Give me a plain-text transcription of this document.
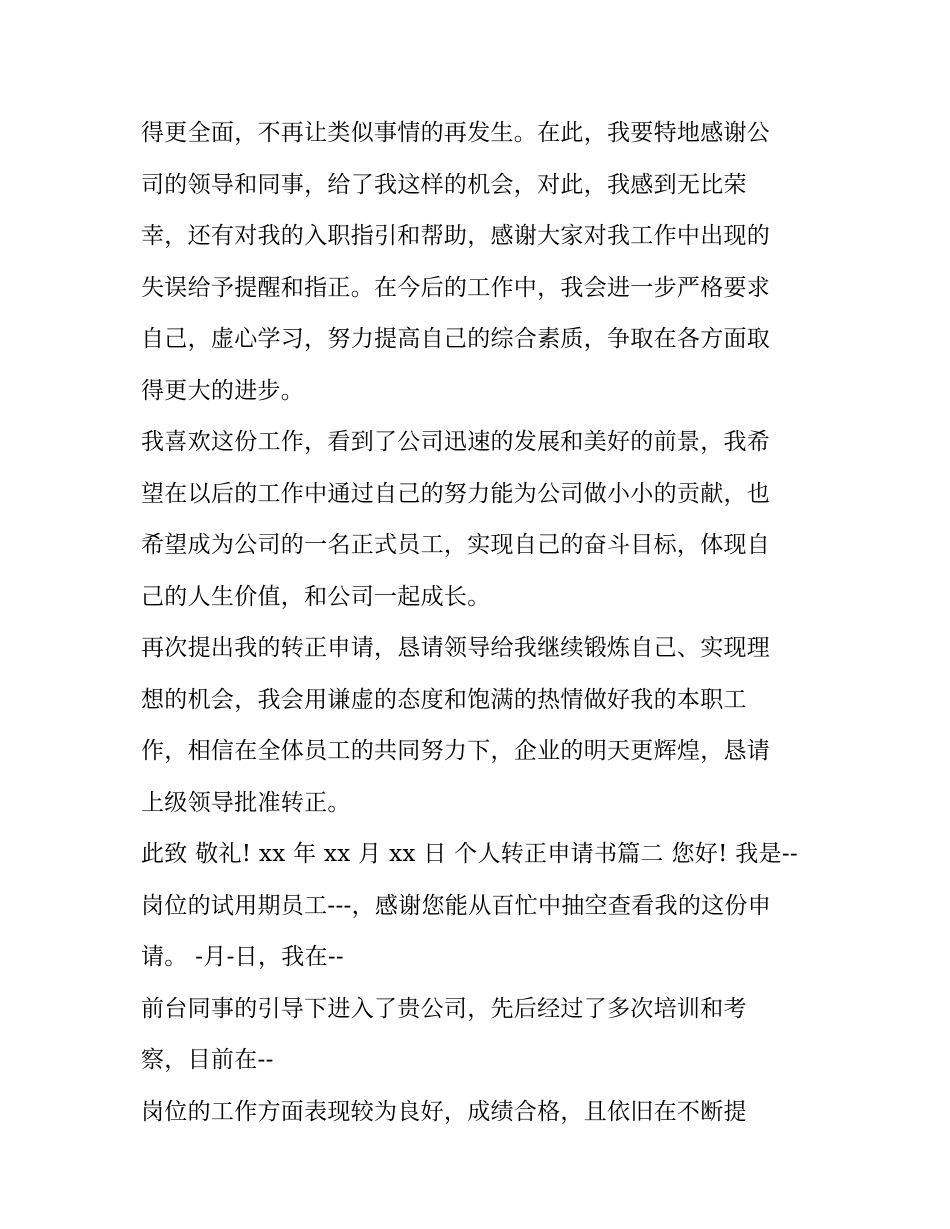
得更全面，不再让类似事情的再发生。在此，我要特地感谢公
司的领导和同事，给了我这样的机会，对此，我感到无比荣
幸，还有对我的入职指引和帮助，感谢大家对我工作中出现的
失误给予提醒和指正。在今后的工作中，我会进一步严格要求
自己，虚心学习，努力提高自己的综合素质，争取在各方面取
得更大的进步。
我喜欢这份工作，看到了公司迅速的发展和美好的前景，我希
望在以后的工作中通过自己的努力能为公司做小小的贡献，也
希望成为公司的一名正式员工，实现自己的奋斗目标，体现自
己的人生价值，和公司一起成长。
再次提出我的转正申请，恳请领导给我继续锻炼自己、实现理
想的机会，我会用谦虚的态度和饱满的热情做好我的本职工
作，相信在全体员工的共同努力下，企业的明天更辉煌，恳请
上级领导批准转正。
此致 敬礼! xx 年 xx 月 xx 日 个人转正申请书篇二 您好! 我是--
岗位的试用期员工---，感谢您能从百忙中抽空查看我的这份申
请。 -月-日，我在--
前台同事的引导下进入了贵公司，先后经过了多次培训和考
察，目前在--
岗位的工作方面表现较为良好，成绩合格，且依旧在不断提
